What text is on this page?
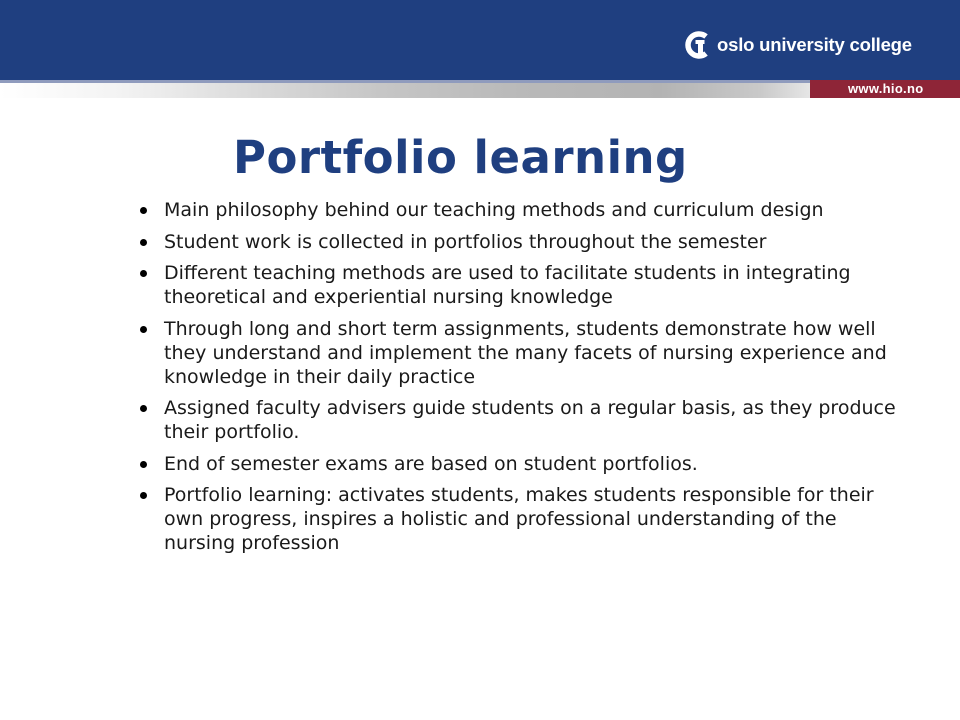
www.hio.no
oslo university college
Portfolio learning
Main philosophy behind our teaching methods and curriculum design
Student work is collected in portfolios throughout the semester
Different teaching methods are used to facilitate students in integrating theoretical and experiential nursing knowledge
Through long and short term assignments, students demonstrate how well they understand and implement the many facets of nursing experience and knowledge in their daily practice
Assigned faculty advisers guide students on a regular basis, as they produce their portfolio.
End of semester exams are based on student portfolios.
Portfolio learning: activates students, makes students responsible for their own progress, inspires a holistic and professional understanding of the nursing profession
